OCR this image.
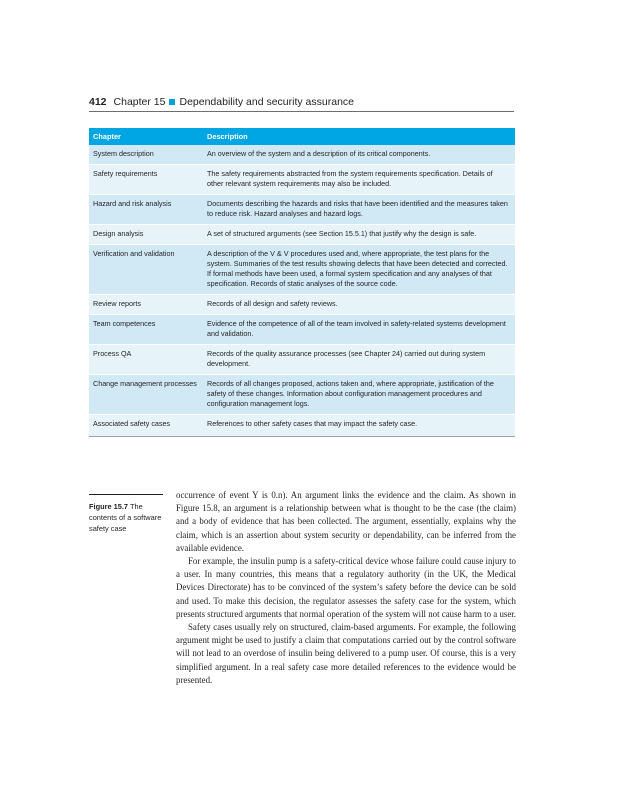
412 Chapter 15 Dependability and security assurance
Chapter	Description
System description	An overview of the system and a description of its critical components.
Safety requirements	The safety requirements abstracted from the system requirements specification. Details of other relevant system requirements may also be included.
Hazard and risk analysis	Documents describing the hazards and risks that have been identified and the measures taken to reduce risk. Hazard analyses and hazard logs.
Design analysis	A set of structured arguments (see Section 15.5.1) that justify why the design is safe.
Verification and validation	A description of the V & V procedures used and, where appropriate, the test plans for the system. Summaries of the test results showing defects that have been detected and corrected. If formal methods have been used, a formal system specification and any analyses of that specification. Records of static analyses of the source code.
Review reports	Records of all design and safety reviews.
Team competences	Evidence of the competence of all of the team involved in safety-related systems development and validation.
Process QA	Records of the quality assurance processes (see Chapter 24) carried out during system development.
Change management processes	Records of all changes proposed, actions taken and, where appropriate, justification of the safety of these changes. Information about configuration management procedures and configuration management logs.
Associated safety cases	References to other safety cases that may impact the safety case.
Figure 15.7 The contents of a software safety case

occurrence of event Y is 0.n). An argument links the evidence and the claim. As shown in Figure 15.8, an argument is a relationship between what is thought to be the case (the claim) and a body of evidence that has been collected. The argument, essentially, explains why the claim, which is an assertion about system security or dependability, can be inferred from the available evidence.

For example, the insulin pump is a safety-critical device whose failure could cause injury to a user. In many countries, this means that a regulatory authority (in the UK, the Medical Devices Directorate) has to be convinced of the system’s safety before the device can be sold and used. To make this decision, the regulator assesses the safety case for the system, which presents structured arguments that normal operation of the system will not cause harm to a user.

Safety cases usually rely on structured, claim-based arguments. For example, the following argument might be used to justify a claim that computations carried out by the control software will not lead to an overdose of insulin being delivered to a pump user. Of course, this is a very simplified argument. In a real safety case more detailed references to the evidence would be presented.
